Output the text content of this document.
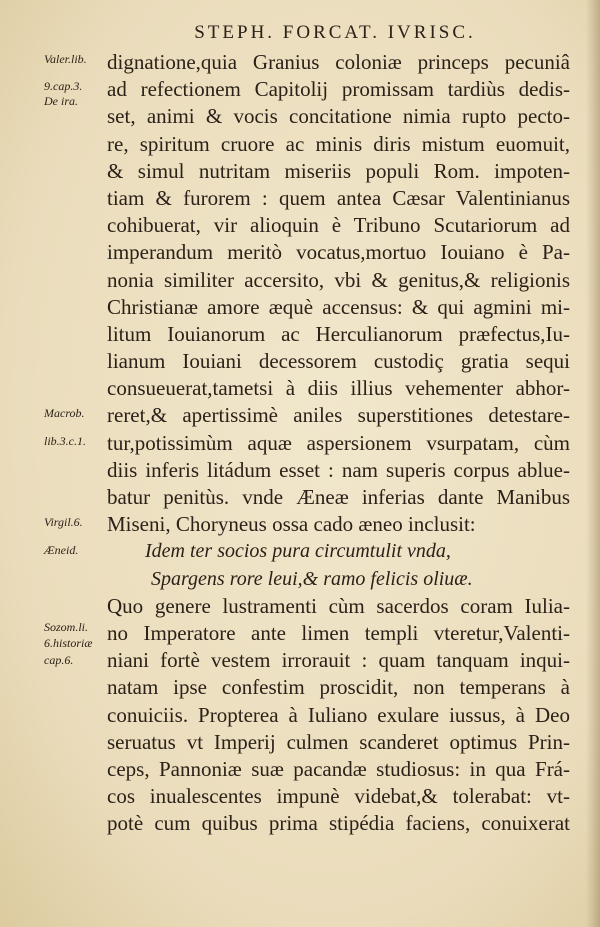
STEPH. FORCAT. IVRISC.
Valer.lib.
9.cap.3.
De ira.
Macrob.
lib.3.c.1.
Virgil.6.
Æneid.
Sozom.li.
6.historiæ
cap.6.
dignatione,quia Granius coloniæ princeps pecuniâ
ad refectionem Capitolij promissam tardiùs dedis-
set, animi & vocis concitatione nimia rupto pecto-
re, spiritum cruore ac minis diris mistum euomuit,
& simul nutritam miseriis populi Rom. impoten-
tiam & furorem : quem antea Cæsar Valentinianus
cohibuerat, vir alioquin è Tribuno Scutariorum ad
imperandum meritò vocatus,mortuo Iouiano è Pa-
nonia similiter accersito, vbi & genitus,& religionis
Christianæ amore æquè accensus: & qui agmini mi-
litum Iouianorum ac Herculianorum præfectus,Iu-
lianum Iouiani decessorem custodiç gratia sequi
consueuerat,tametsi à diis illius vehementer abhor-
reret,& apertissimè aniles superstitiones detestare-
tur,potissimùm aquæ aspersionem vsurpatam, cùm
diis inferis litádum esset : nam superis corpus ablue-
batur penitùs. vnde Æneæ inferias dante Manibus
Miseni, Choryneus ossa cado æneo inclusit:
Idem ter socios pura circumtulit vnda,
Spargens rore leui,& ramo felicis oliuæ.
Quo genere lustramenti cùm sacerdos coram Iulia-
no Imperatore ante limen templi vteretur,Valenti-
niani fortè vestem irrorauit : quam tanquam inqui-
natam ipse confestim proscidit, non temperans à
conuiciis. Propterea à Iuliano exulare iussus, à Deo
seruatus vt Imperij culmen scanderet optimus Prin-
ceps, Pannoniæ suæ pacandæ studiosus: in qua Frá-
cos inualescentes impunè videbat,& tolerabat: vt-
potè cum quibus prima stipédia faciens, conuixerat
